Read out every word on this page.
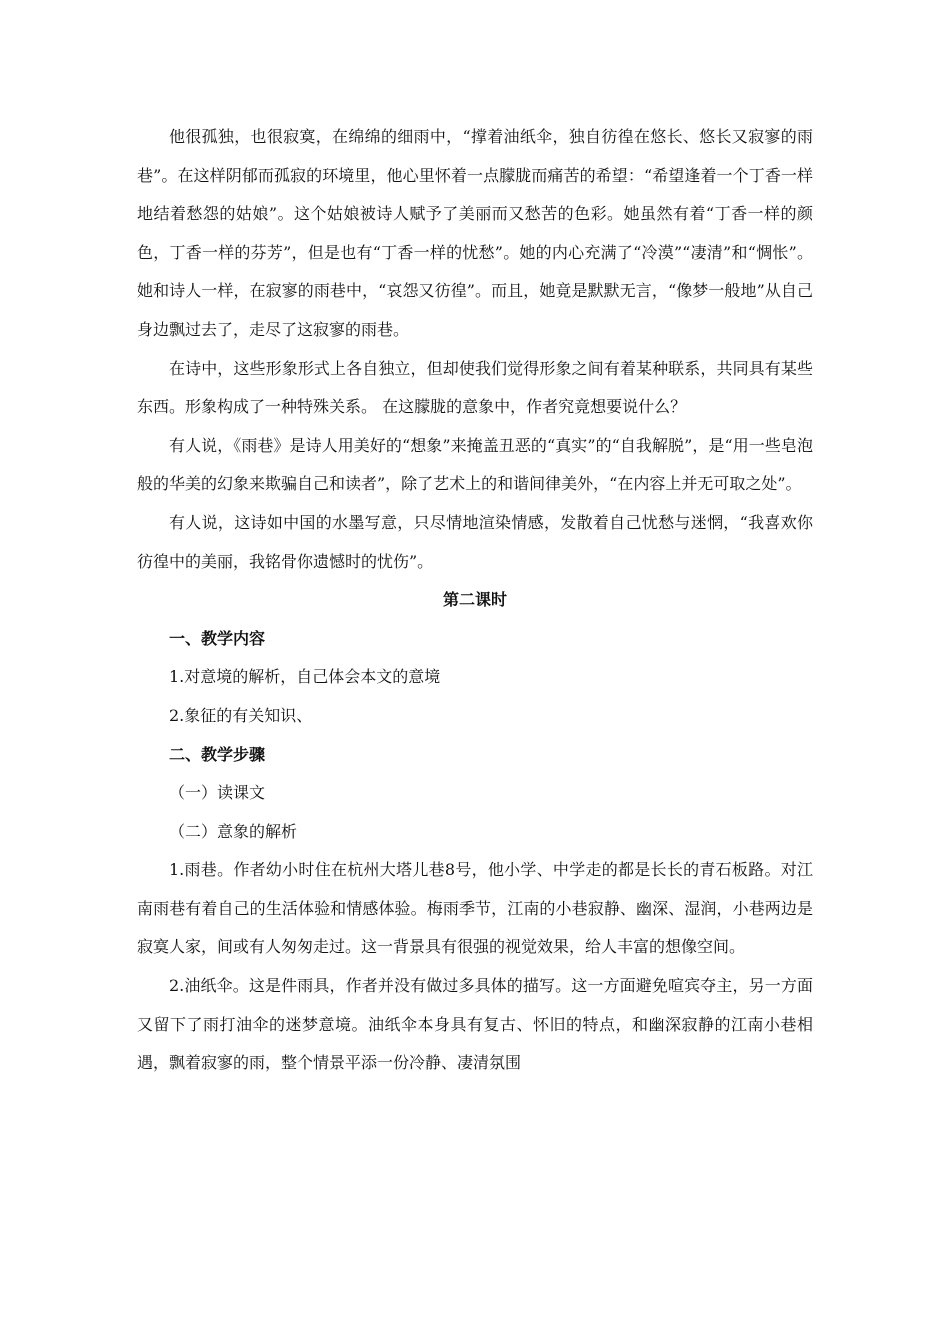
他很孤独，也很寂寞，在绵绵的细雨中，“撑着油纸伞，独自彷徨在悠长、悠长又寂寥的雨巷”。在这样阴郁而孤寂的环境里，他心里怀着一点朦胧而痛苦的希望：“希望逢着一个丁香一样地结着愁怨的姑娘”。这个姑娘被诗人赋予了美丽而又愁苦的色彩。她虽然有着“丁香一样的颜色，丁香一样的芬芳”，但是也有“丁香一样的忧愁”。她的内心充满了“冷漠”“凄清”和“惆怅”。她和诗人一样，在寂寥的雨巷中，“哀怨又彷徨”。而且，她竟是默默无言，“像梦一般地”从自己身边飘过去了，走尽了这寂寥的雨巷。

在诗中，这些形象形式上各自独立，但却使我们觉得形象之间有着某种联系，共同具有某些东西。形象构成了一种特殊关系。 在这朦胧的意象中，作者究竟想要说什么？

有人说，《雨巷》是诗人用美好的“想象”来掩盖丑恶的“真实”的“自我解脱”，是“用一些皂泡般的华美的幻象来欺骗自己和读者”，除了艺术上的和谐间律美外，“在内容上并无可取之处”。

有人说，这诗如中国的水墨写意，只尽情地渲染情感，发散着自己忧愁与迷惘，“我喜欢你彷徨中的美丽，我铭骨你遗憾时的忧伤”。

第二课时

一、教学内容

1.对意境的解析，自己体会本文的意境

2.象征的有关知识、

二、教学步骤

（一）读课文

（二）意象的解析

1.雨巷。作者幼小时住在杭州大塔儿巷8号，他小学、中学走的都是长长的青石板路。对江南雨巷有着自己的生活体验和情感体验。梅雨季节，江南的小巷寂静、幽深、湿润，小巷两边是寂寞人家，间或有人匆匆走过。这一背景具有很强的视觉效果，给人丰富的想像空间。

2.油纸伞。这是件雨具，作者并没有做过多具体的描写。这一方面避免喧宾夺主，另一方面又留下了雨打油伞的迷梦意境。油纸伞本身具有复古、怀旧的特点，和幽深寂静的江南小巷相遇，飘着寂寥的雨，整个情景平添一份冷静、凄清氛围
